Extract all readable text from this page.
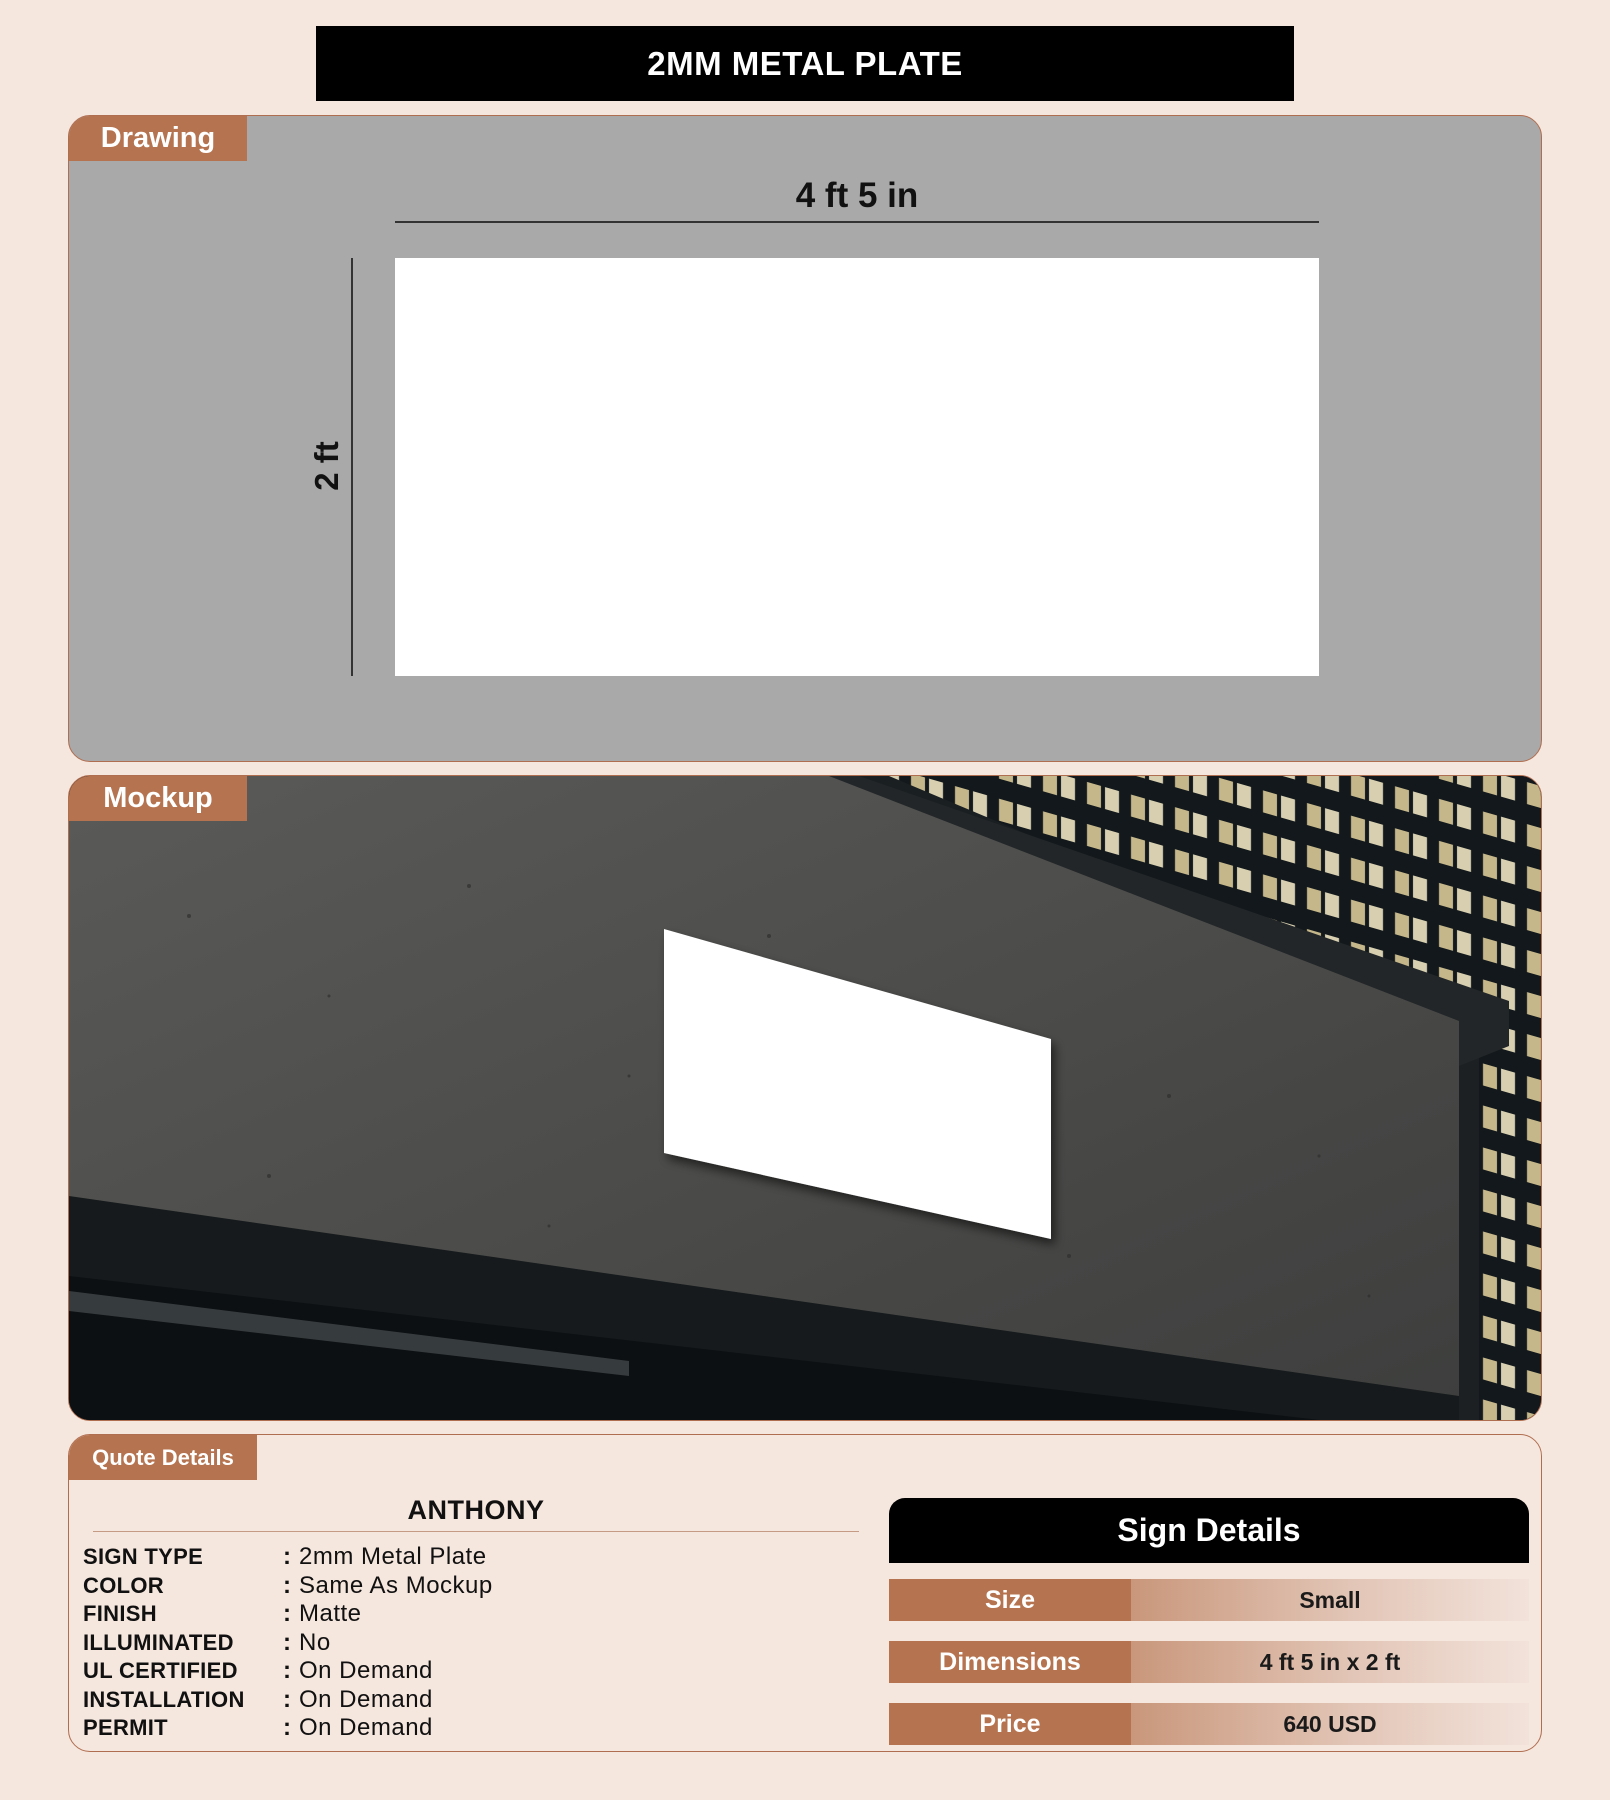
2MM METAL PLATE
Drawing
4 ft 5 in
2 ft
Mockup
Quote Details
ANTHONY
SIGN TYPE	: 2mm Metal Plate
COLOR	: Same As Mockup
FINISH	: Matte
ILLUMINATED	: No
UL CERTIFIED	: On Demand
INSTALLATION	: On Demand
PERMIT	: On Demand
Sign Details
Size	Small
Dimensions	4 ft 5 in x 2 ft
Price	640 USD
